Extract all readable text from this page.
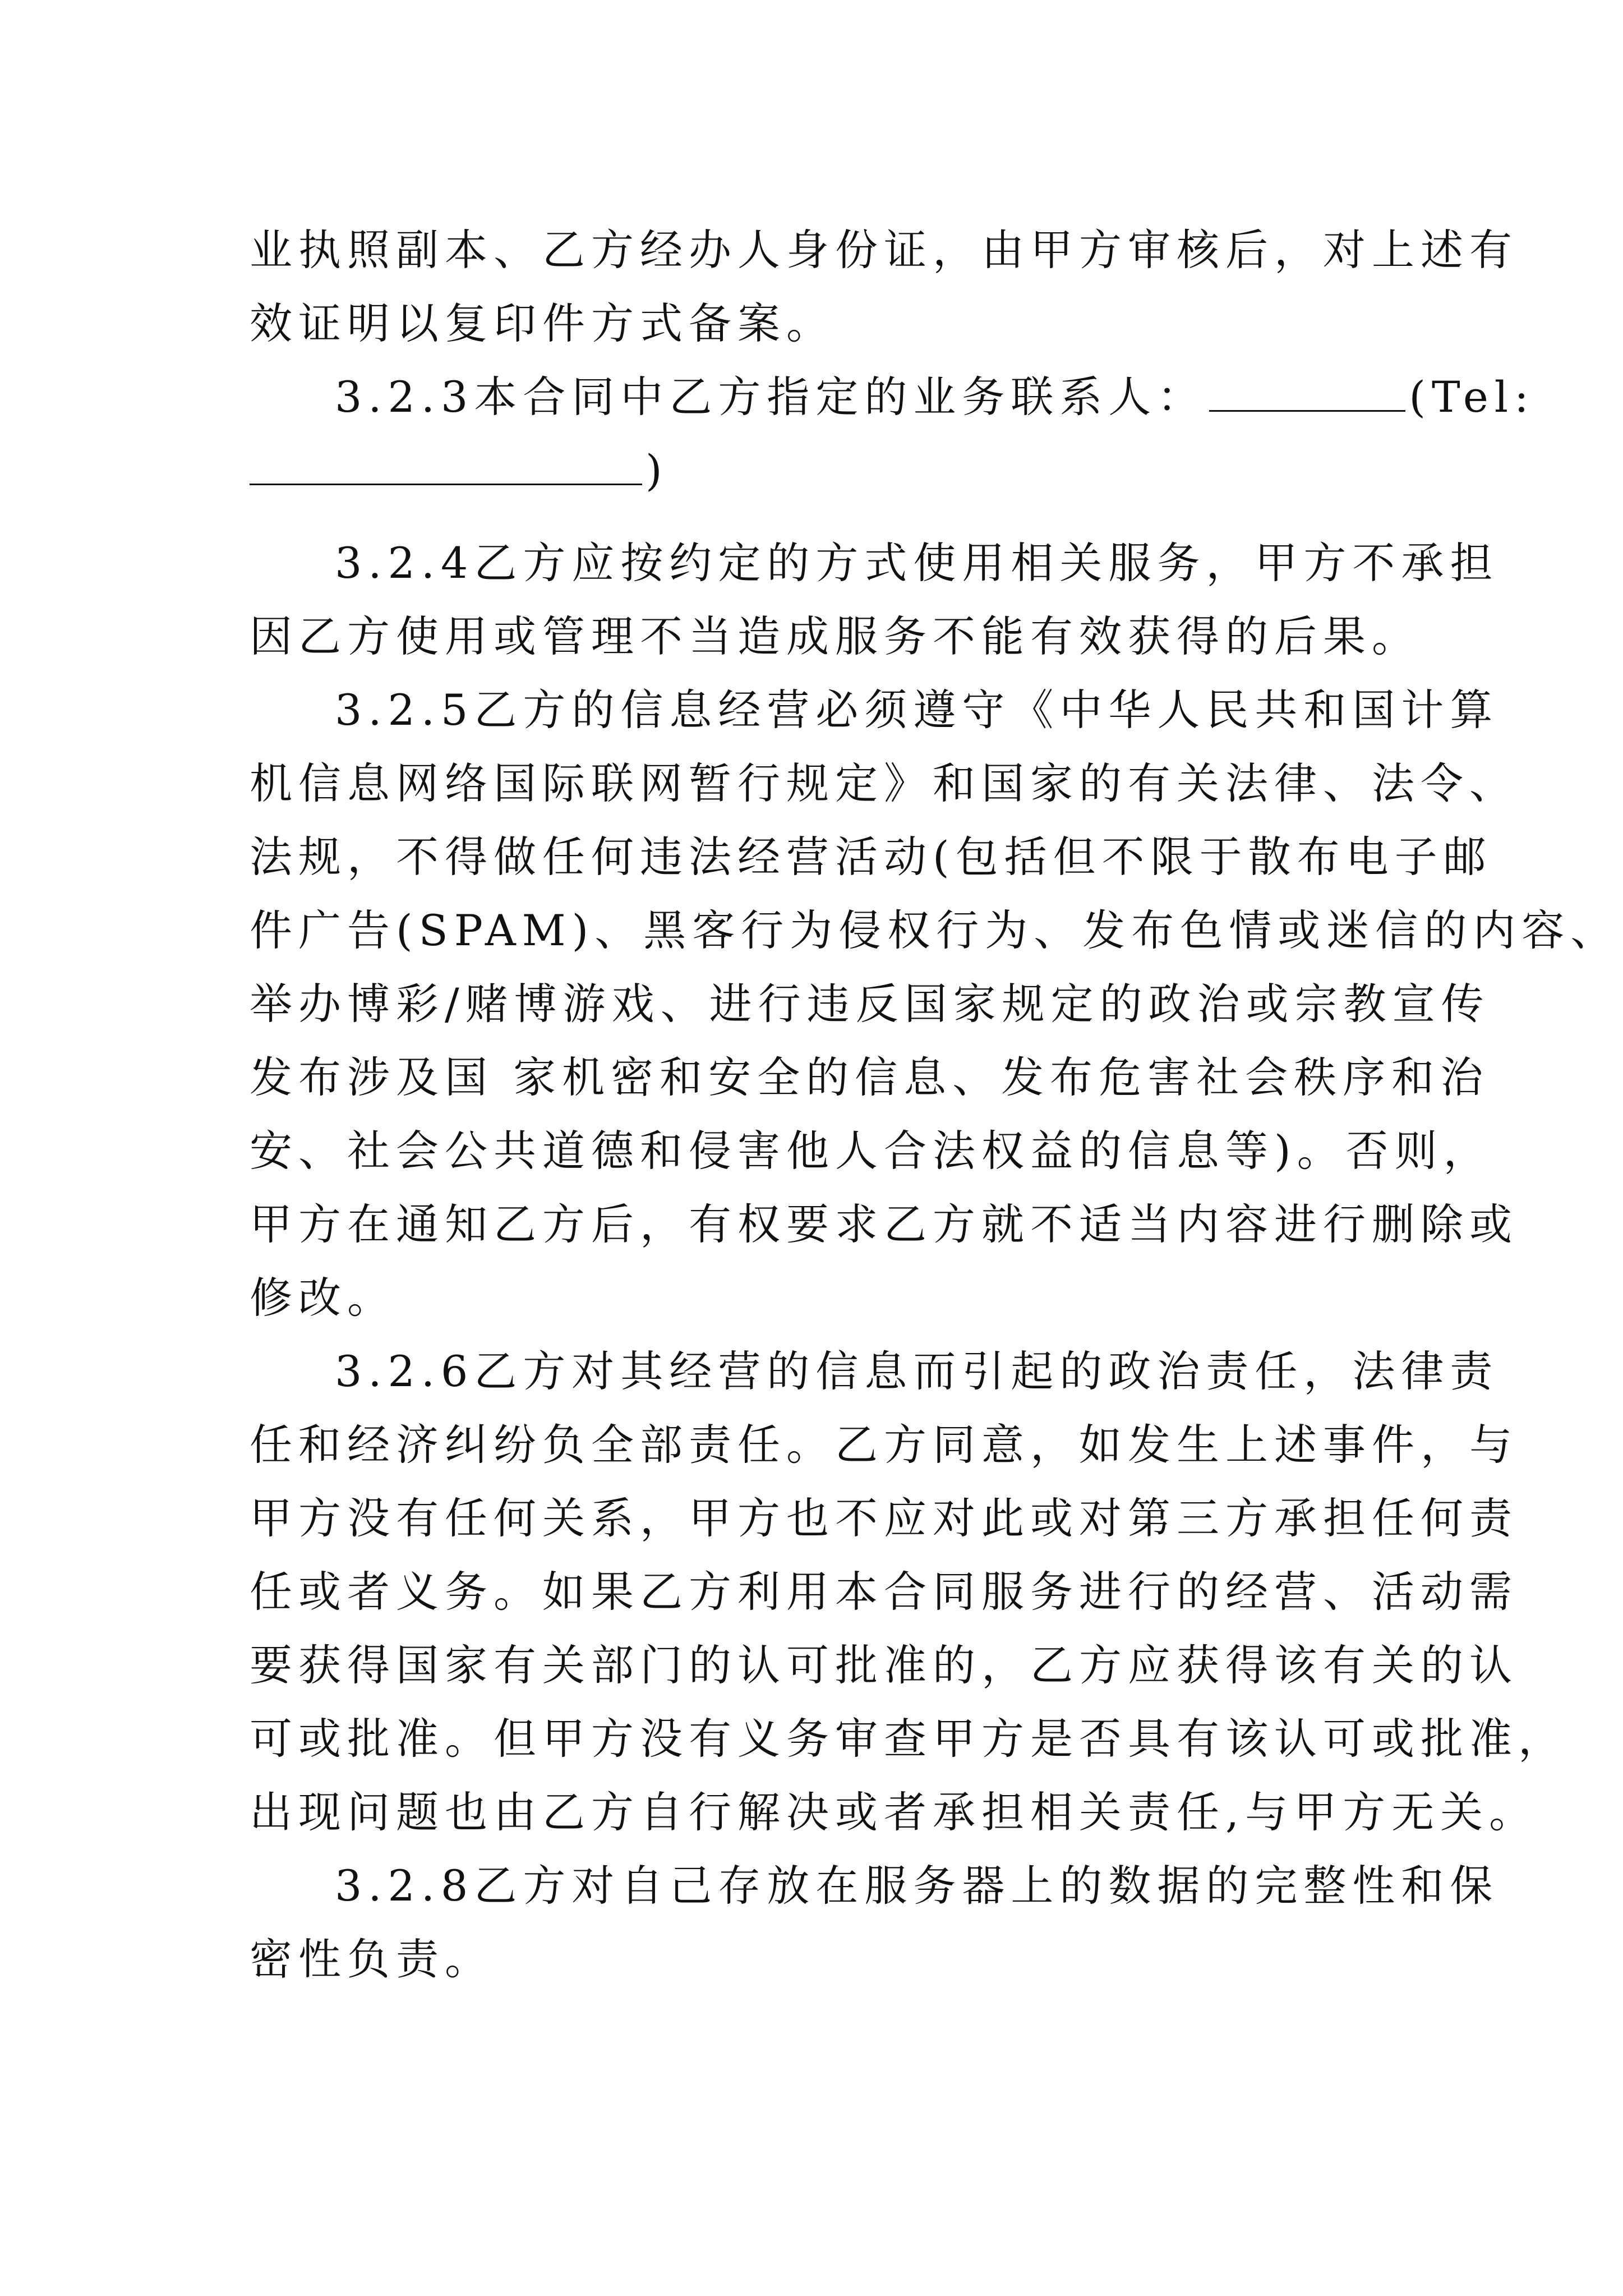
业执照副本、乙方经办人身份证，由甲方审核后，对上述有
效证明以复印件方式备案。
3.2.3本合同中乙方指定的业务联系人：	(Tel:
)
3.2.4乙方应按约定的方式使用相关服务，甲方不承担
因乙方使用或管理不当造成服务不能有效获得的后果。
3.2.5乙方的信息经营必须遵守《中华人民共和国计算
机信息网络国际联网暂行规定》和国家的有关法律、法令、
法规，不得做任何违法经营活动(包括但不限于散布电子邮
件广告(SPAM)、黑客行为侵权行为、发布色情或迷信的内容、
举办博彩/赌博游戏、进行违反国家规定的政治或宗教宣传
发布涉及国 家机密和安全的信息、发布危害社会秩序和治
安、社会公共道德和侵害他人合法权益的信息等)。否则，
甲方在通知乙方后，有权要求乙方就不适当内容进行删除或
修改。
3.2.6乙方对其经营的信息而引起的政治责任，法律责
任和经济纠纷负全部责任。乙方同意，如发生上述事件，与
甲方没有任何关系，甲方也不应对此或对第三方承担任何责
任或者义务。如果乙方利用本合同服务进行的经营、活动需
要获得国家有关部门的认可批准的，乙方应获得该有关的认
可或批准。但甲方没有义务审查甲方是否具有该认可或批准，
出现问题也由乙方自行解决或者承担相关责任,与甲方无关。
3.2.8乙方对自己存放在服务器上的数据的完整性和保
密性负责。
